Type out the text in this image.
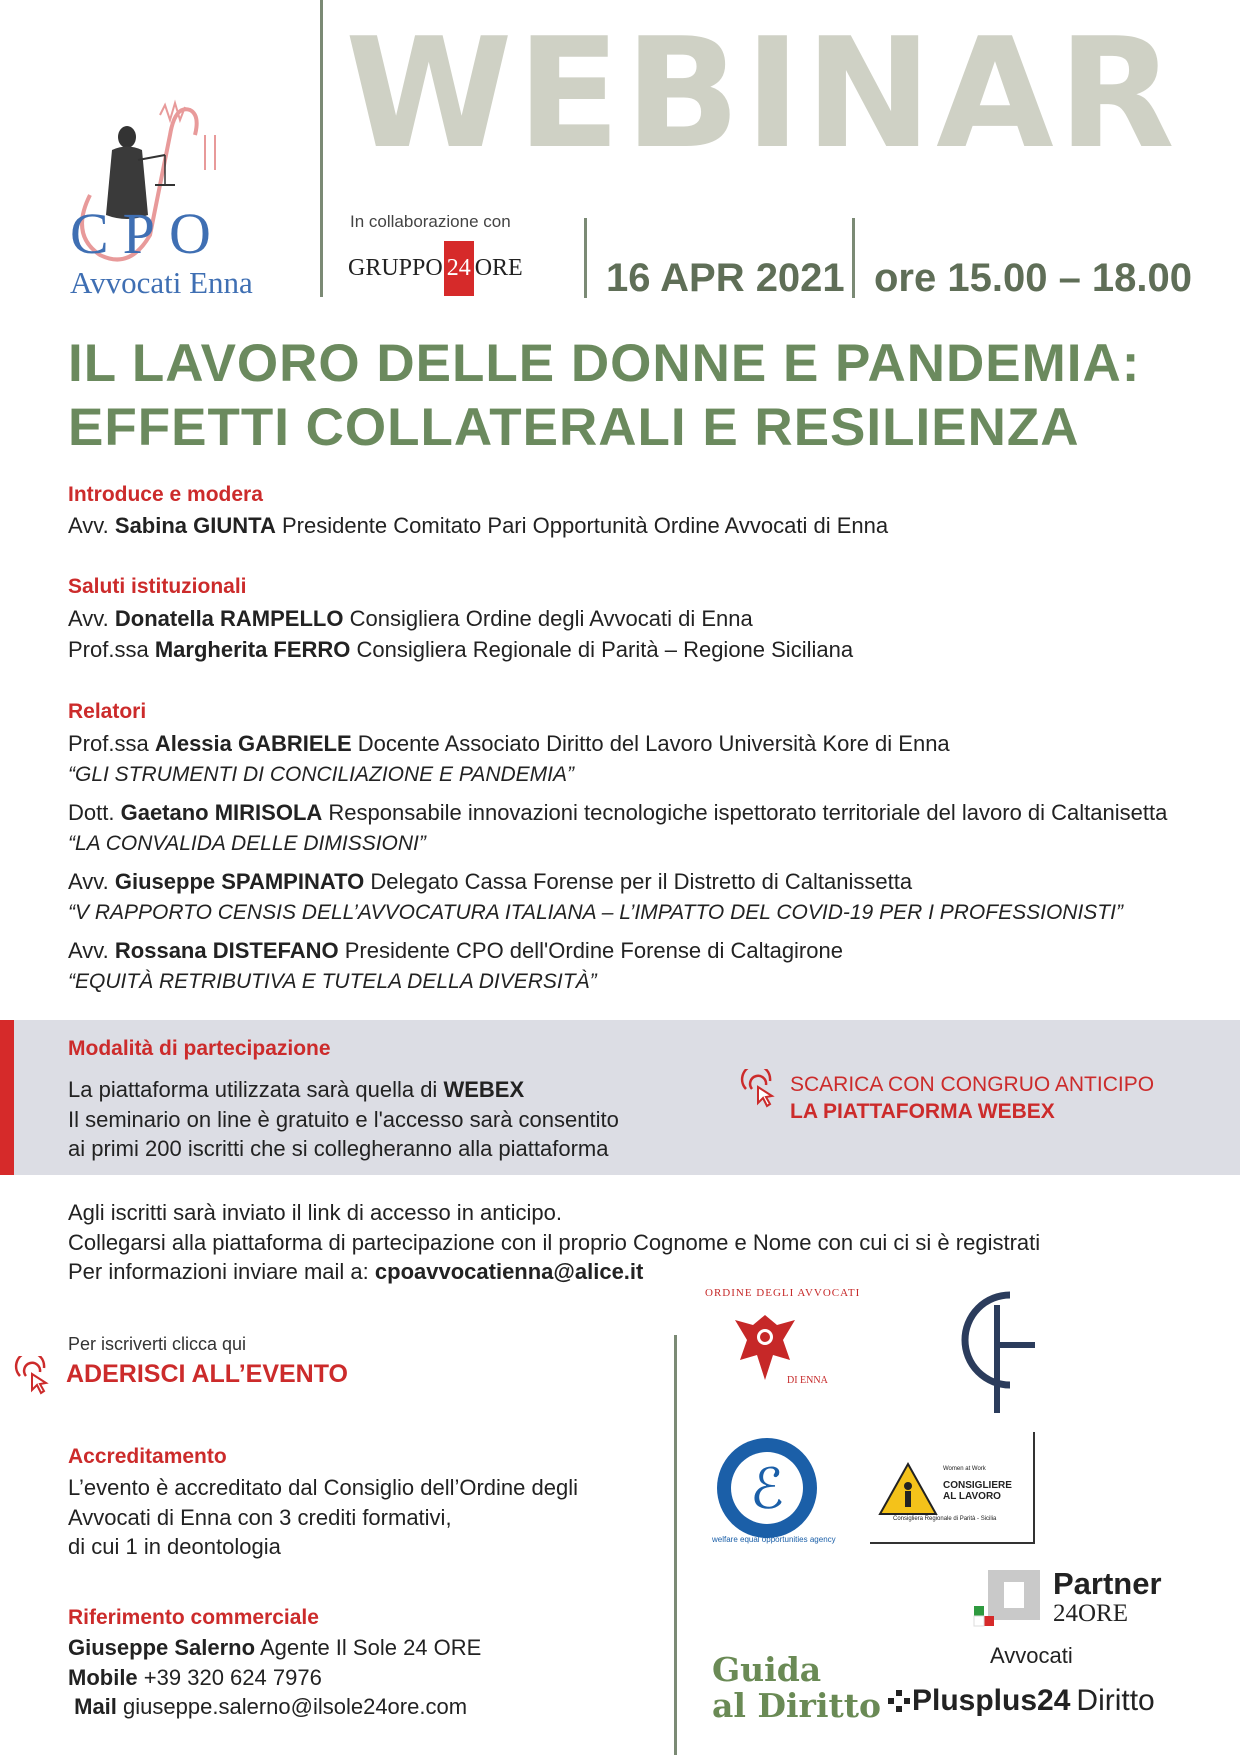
CPO
Avvocati Enna
WEBINAR
In collaborazione con
GRUPPO 24 ORE 16 APR 2021 ore 15.00 – 18.00
IL LAVORO DELLE DONNE E PANDEMIA:
EFFETTI COLLATERALI E RESILIENZA
Introduce e modera
Avv. Sabina GIUNTA Presidente Comitato Pari Opportunità Ordine Avvocati di Enna
Saluti istituzionali
Avv. Donatella RAMPELLO Consigliera Ordine degli Avvocati di Enna
Prof.ssa Margherita FERRO Consigliera Regionale di Parità – Regione Siciliana
Relatori
Prof.ssa Alessia GABRIELE Docente Associato Diritto del Lavoro Università Kore di Enna
“GLI STRUMENTI DI CONCILIAZIONE E PANDEMIA”
Dott. Gaetano MIRISOLA Responsabile innovazioni tecnologiche ispettorato territoriale del lavoro di Caltanisetta
“LA CONVALIDA DELLE DIMISSIONI”
Avv. Giuseppe SPAMPINATO Delegato Cassa Forense per il Distretto di Caltanissetta
“V RAPPORTO CENSIS DELL’AVVOCATURA ITALIANA – L’IMPATTO DEL COVID-19 PER I PROFESSIONISTI”
Avv. Rossana DISTEFANO Presidente CPO dell'Ordine Forense di Caltagirone
“EQUITÀ RETRIBUTIVA E TUTELA DELLA DIVERSITÀ”
Modalità di partecipazione
La piattaforma utilizzata sarà quella di WEBEX
Il seminario on line è gratuito e l'accesso sarà consentito
ai primi 200 iscritti che si collegheranno alla piattaforma
SCARICA CON CONGRUO ANTICIPO
LA PIATTAFORMA WEBEX
Agli iscritti sarà inviato il link di accesso in anticipo.
Collegarsi alla piattaforma di partecipazione con il proprio Cognome e Nome con cui ci si è registrati
Per informazioni inviare mail a: cpoavvocatienna@alice.it
Per iscriverti clicca qui
ADERISCI ALL’EVENTO
Accreditamento
L’evento è accreditato dal Consiglio dell’Ordine degli
Avvocati di Enna con 3 crediti formativi,
di cui 1 in deontologia
Riferimento commerciale
Giuseppe Salerno Agente Il Sole 24 ORE
Mobile +39 320 624 7976
Mail giuseppe.salerno@ilsole24ore.com
ORDINE DEGLI AVVOCATI
DI ENNA
ℰ
welfare equal opportunities agency
Women at Work
CONSIGLIERE
AL LAVORO
Consigliera Regionale di Parità - Sicilia
Partner
24ORE
Avvocati
Guida
al Diritto Plusplus24 Diritto
